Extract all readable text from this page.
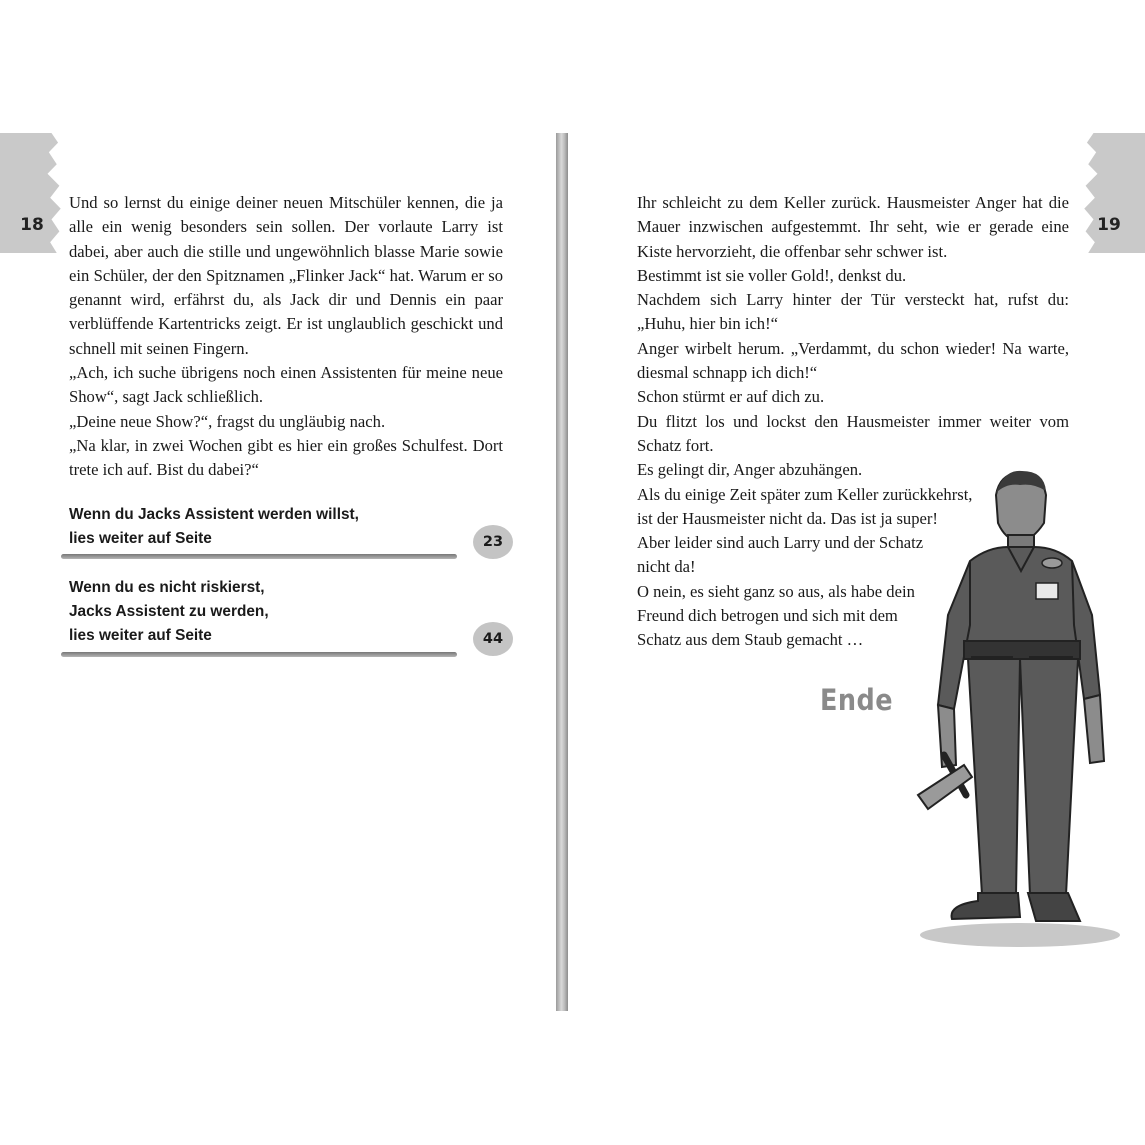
18

Und so lernst du einige deiner neuen Mitschüler kennen, die ja alle ein wenig besonders sein sollen. Der vorlaute Larry ist dabei, aber auch die stille und ungewöhnlich blasse Marie sowie ein Schüler, der den Spitznamen „Flinker Jack“ hat. Warum er so genannt wird, erfährst du, als Jack dir und Dennis ein paar verblüffende Kartentricks zeigt. Er ist unglaublich geschickt und schnell mit seinen Fingern.

„Ach, ich suche übrigens noch einen Assistenten für meine neue Show“, sagt Jack schließlich.

„Deine neue Show?“, fragst du ungläubig nach.

„Na klar, in zwei Wochen gibt es hier ein großes Schulfest. Dort trete ich auf. Bist du dabei?“

Wenn du Jacks Assistent werden willst,
lies weiter auf Seite	23
Wenn du es nicht riskierst,
Jacks Assistent zu werden,
lies weiter auf Seite	44
19

Ihr schleicht zu dem Keller zurück. Hausmeister Anger hat die Mauer inzwischen aufgestemmt. Ihr seht, wie er gerade eine Kiste hervorzieht, die offenbar sehr schwer ist.

Bestimmt ist sie voller Gold!, denkst du.

Nachdem sich Larry hinter der Tür versteckt hat, rufst du: „Huhu, hier bin ich!“

Anger wirbelt herum. „Verdammt, du schon wieder! Na warte, diesmal schnapp ich dich!“

Schon stürmt er auf dich zu.

Du flitzt los und lockst den Hausmeister immer weiter vom Schatz fort.

Es gelingt dir, Anger abzuhängen.

Als du einige Zeit später zum Keller zurückkehrst,
ist der Hausmeister nicht da. Das ist ja super!
Aber leider sind auch Larry und der Schatz
nicht da!
O nein, es sieht ganz so aus, als habe dein
Freund dich betrogen und sich mit dem
Schatz aus dem Staub gemacht …
Ende
